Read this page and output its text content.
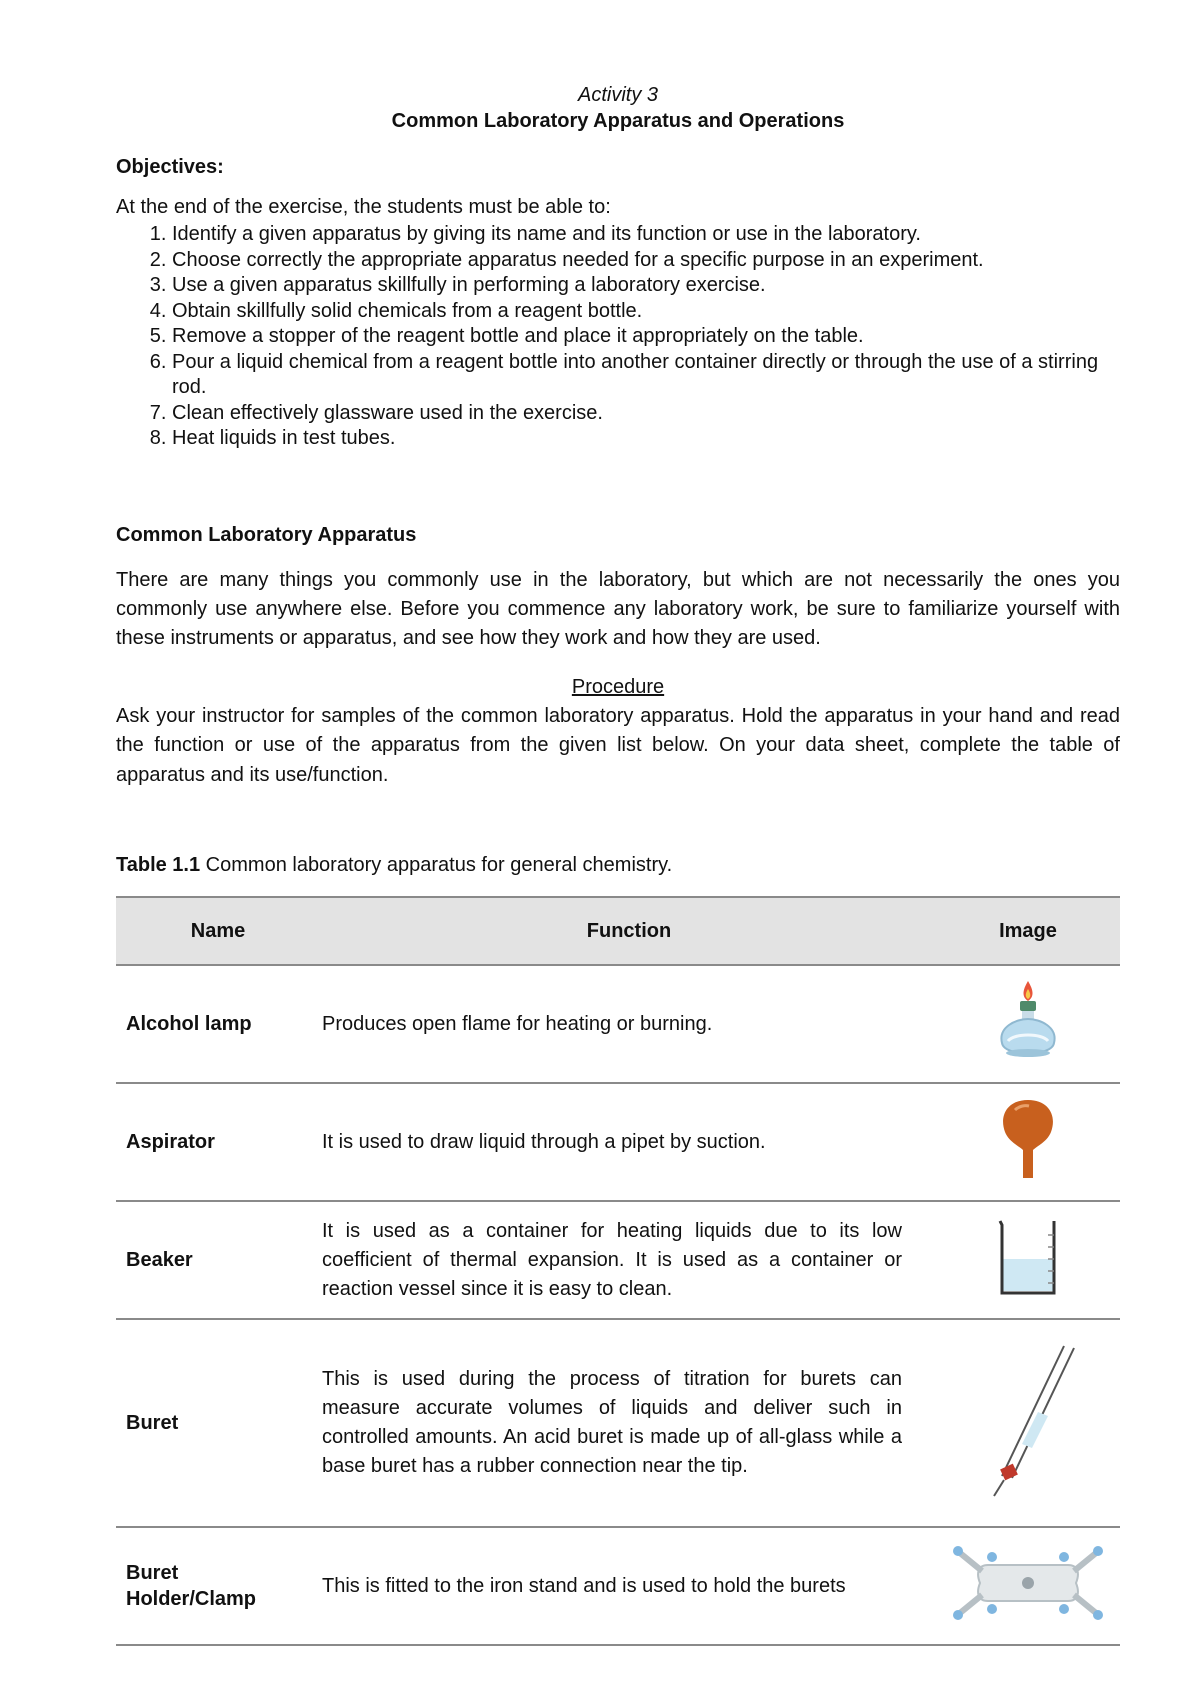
Activity 3

Common Laboratory Apparatus and Operations

Objectives:

At the end of the exercise, the students must be able to:

1. Identify a given apparatus by giving its name and its function or use in the laboratory.
2. Choose correctly the appropriate apparatus needed for a specific purpose in an experiment.
3. Use a given apparatus skillfully in performing a laboratory exercise.
4. Obtain skillfully solid chemicals from a reagent bottle.
5. Remove a stopper of the reagent bottle and place it appropriately on the table.
6. Pour a liquid chemical from a reagent bottle into another container directly or through the use of a stirring rod.
7. Clean effectively glassware used in the exercise.
8. Heat liquids in test tubes.

Common Laboratory Apparatus

There are many things you commonly use in the laboratory, but which are not necessarily the ones you commonly use anywhere else. Before you commence any laboratory work, be sure to familiarize yourself with these instruments or apparatus, and see how they work and how they are used.

Procedure

Ask your instructor for samples of the common laboratory apparatus. Hold the apparatus in your hand and read the function or use of the apparatus from the given list below. On your data sheet, complete the table of apparatus and its use/function.

Table 1.1 Common laboratory apparatus for general chemistry.

Name	Function	Image

Alcohol lamp	Produces open flame for heating or burning.	

Aspirator	It is used to draw liquid through a pipet by suction.	

Beaker	It is used as a container for heating liquids due to its low coefficient of thermal expansion. It is used as a container or reaction vessel since it is easy to clean.	

Buret	This is used during the process of titration for burets can measure accurate volumes of liquids and deliver such in controlled amounts. An acid buret is made up of all-glass while a base buret has a rubber connection near the tip.	

Buret
Holder/Clamp	This is fitted to the iron stand and is used to hold the burets	
